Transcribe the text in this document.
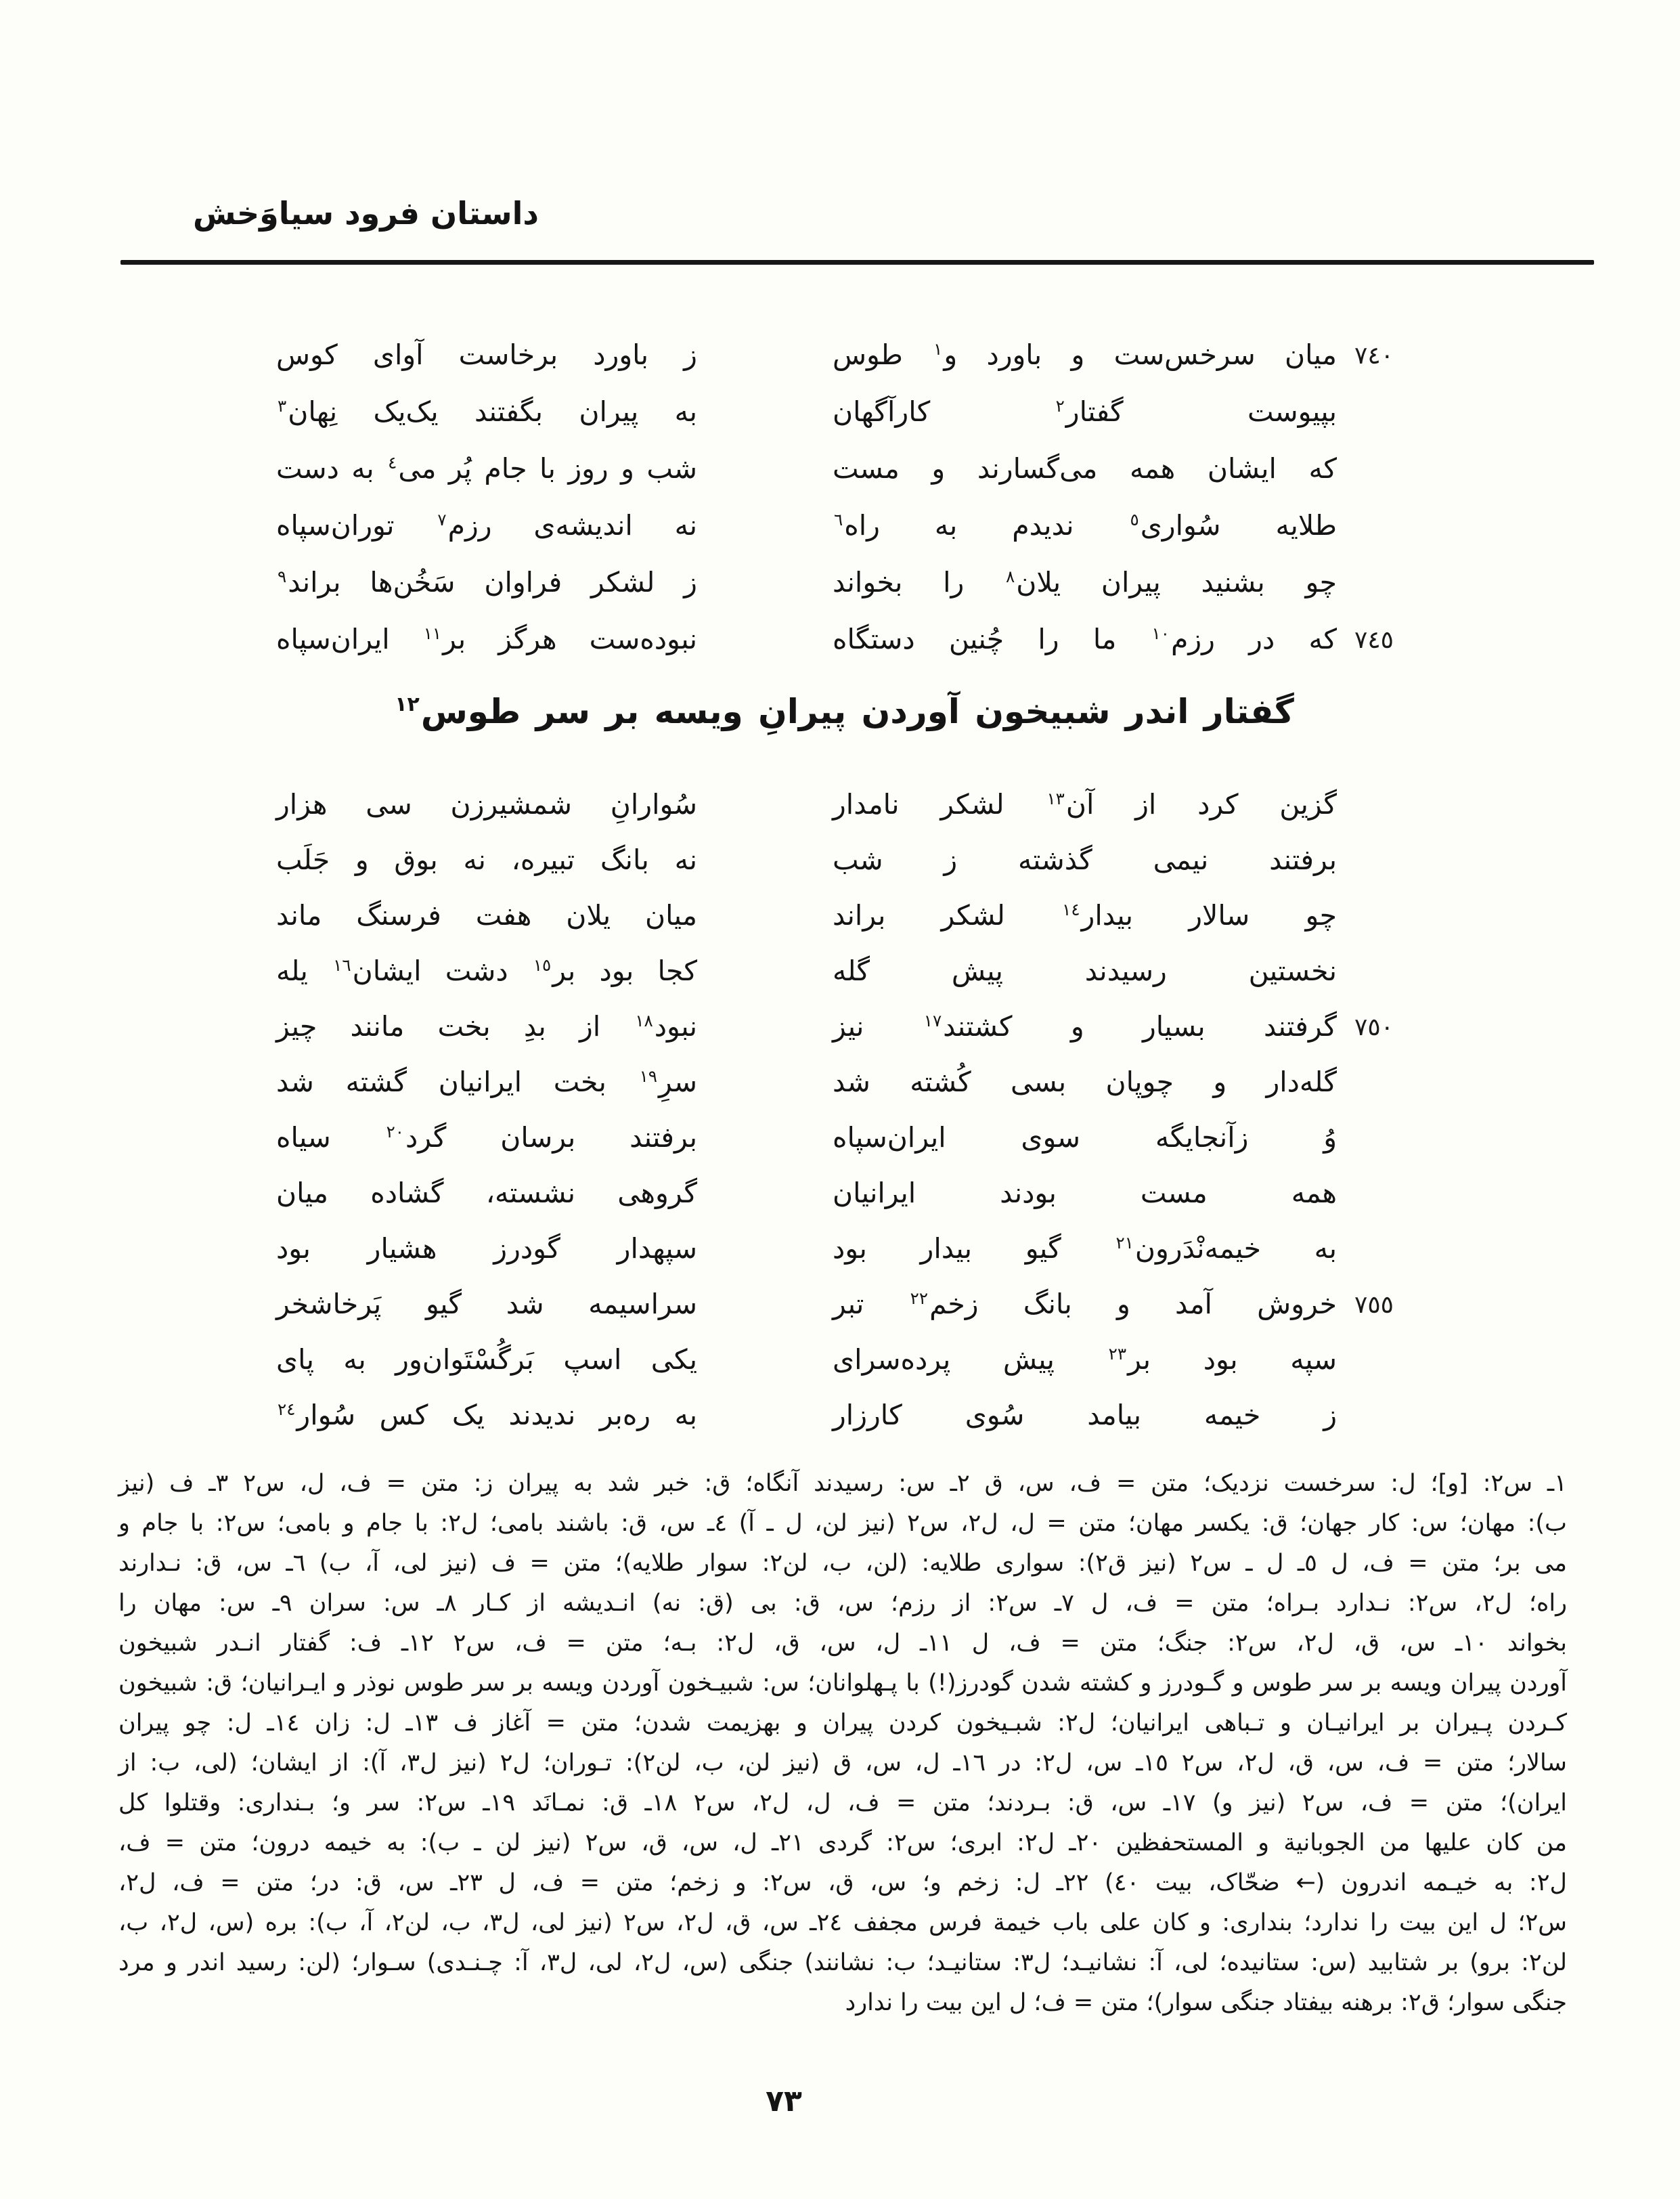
داستان فرود سیاوَخش
٧٤٠
میان سرخس‌ست و باورد و$^١$ طوس
ز باورد برخاست آوای کوس
بپیوست گفتار$^٢$ کارآگهان
به پیران بگفتند یک‌یک نِهان$^٣$
که ایشان همه می‌گسارند و مست
شب و روز با جام پُر می$^٤$ به دست
طلایه سُواری$^٥$ ندیدم به راه$^٦$
نه اندیشه‌ی رزم$^٧$ توران‌سپاه
چو بشنید پیران یلان$^٨$ را بخواند
ز لشکر فراوان سَخُن‌ها براند$^٩$
٧٤٥
که در رزم$^{١٠}$ ما را چُنین دستگاه
نبوده‌ست هرگز بر$^{١١}$ ایران‌سپاه
گفتار اندر شبیخون آوردن پیرانِ ویسه بر سر طوس$^{١٢}$
گزین کرد از آن$^{١٣}$ لشکر نامدار
سُوارانِ شمشیرزن سی هزار
برفتند نیمی گذشته ز شب
نه بانگ تبیره، نه بوق و جَلَب
چو سالار بیدار$^{١٤}$ لشکر براند
میان یلان هفت فرسنگ ماند
نخستین رسیدند پیش گله
کجا بود بر$^{١٥}$ دشت ایشان$^{١٦}$ یله
٧٥٠
گرفتند بسیار و کشتند$^{١٧}$ نیز
نبود$^{١٨}$ از بدِ بخت مانند چیز
گله‌دار و چوپان بسی کُشته شد
سرِ$^{١٩}$ بخت ایرانیان گشته شد
وُ زآنجایگه سوی ایران‌سپاه
برفتند برسان گرد$^{٢٠}$ سیاه
همه مست بودند ایرانیان
گروهی نشسته، گشاده میان
به خیمه‌نْدَرون$^{٢١}$ گیو بیدار بود
سپهدار گودرز هشیار بود
٧٥٥
خروش آمد و بانگ زخم$^{٢٢}$ تبر
سراسیمه شد گیو پَرخاشخر
سپه بود بر$^{٢٣}$ پیش پرده‌سرای
یکی اسپ بَرگُسْتَوان‌ور به پای
ز خیمه بیامد سُوی کارزار
به ره‌بر ندیدند یک کس سُوار$^{٢٤}$
١ـ س٢: [و]؛ ل: سرخست نزدیک؛ متن = ف، س، ق ٢ـ س: رسیدند آنگاه؛ ق: خبر شد به پیران ز: متن = ف، ل، س٢ ٣ـ ف (نیز
ب): مهان؛ س: کار جهان؛ ق: یکسر مهان؛ متن = ل، ل٢، س٢ (نیز لن، ل ـ آ) ٤ـ س، ق: باشند بامی؛ ل٢: با جام و بامی؛ س٢: با جام و
می بر؛ متن = ف، ل ٥ـ ل ـ س٢ (نیز ق٢): سواری طلایه: (لن، ب، لن٢: سوار طلایه)؛ متن = ف (نیز لی، آ، ب) ٦ـ س، ق: نـدارند
راه؛ ل٢، س٢: نـدارد بـراه؛ متن = ف، ل ٧ـ س٢: از رزم؛ س، ق: بی (ق: نه) انـدیشه از کـار ٨ـ س: سران ٩ـ س: مهان را
بخواند ١٠ـ س، ق، ل٢، س٢: جنگ؛ متن = ف، ل ١١ـ ل، س، ق، ل٢: بـه؛ متن = ف، س٢ ١٢ـ ف: گفتار انـدر شبیخون
آوردن پیران ویسه بر سر طوس و گـودرز و کشته شدن گودرز(!) با پـهلوانان؛ س: شبیـخون آوردن ویسه بر سر طوس نوذر و ایـرانیان؛ ق: شبیخون
کـردن پـیران بر ایرانیـان و تـباهی ایرانیان؛ ل٢: شبـیخون کردن پیران و بهزیمت شدن؛ متن = آغاز ف ١٣ـ ل: زان ١٤ـ ل: چو پیران
سالار؛ متن = ف، س، ق، ل٢، س٢ ١٥ـ س، ل٢: در ١٦ـ ل، س، ق (نیز لن، ب، لن٢): تـوران؛ ل٢ (نیز ل٣، آ): از ایشان؛ (لی، ب: از
ایران)؛ متن = ف، س٢ (نیز و) ١٧ـ س، ق: بـردند؛ متن = ف، ل، ل٢، س٢ ١٨ـ ق: نمـانَد ١٩ـ س٢: سر و؛ بـنداری: وقتلوا کل
من کان علیها من الجوبانیة و المستحفظین ٢٠ـ ل٢: ابری؛ س٢: گردی ٢١ـ ل، س، ق، س٢ (نیز لن ـ ب): به خیمه درون؛ متن = ف،
ل٢: به خیـمه اندرون (← ضحّاک، بیت ٤٠) ٢٢ـ ل: زخم و؛ س، ق، س٢: و زخم؛ متن = ف، ل ٢٣ـ س، ق: در؛ متن = ف، ل٢،
س٢؛ ل این بیت را ندارد؛ بنداری: و کان علی باب خیمة فرس مجفف ٢٤ـ س، ق، ل٢، س٢ (نیز لی، ل٣، ب، لن٢، آ، ب): بره (س، ل٢، ب،
لن٢: برو) بر شتابید (س: ستانیده؛ لی، آ: نشانیـد؛ ل٣: ستانیـد؛ ب: نشانند) جنگی (س، ل٢، لی، ل٣، آ: چـنـدی) سـوار؛ (لن: رسید اندر و مرد
جنگی سوار؛ ق٢: برهنه بیفتاد جنگی سوار)؛ متن = ف؛ ل این بیت را ندارد
٧٣
